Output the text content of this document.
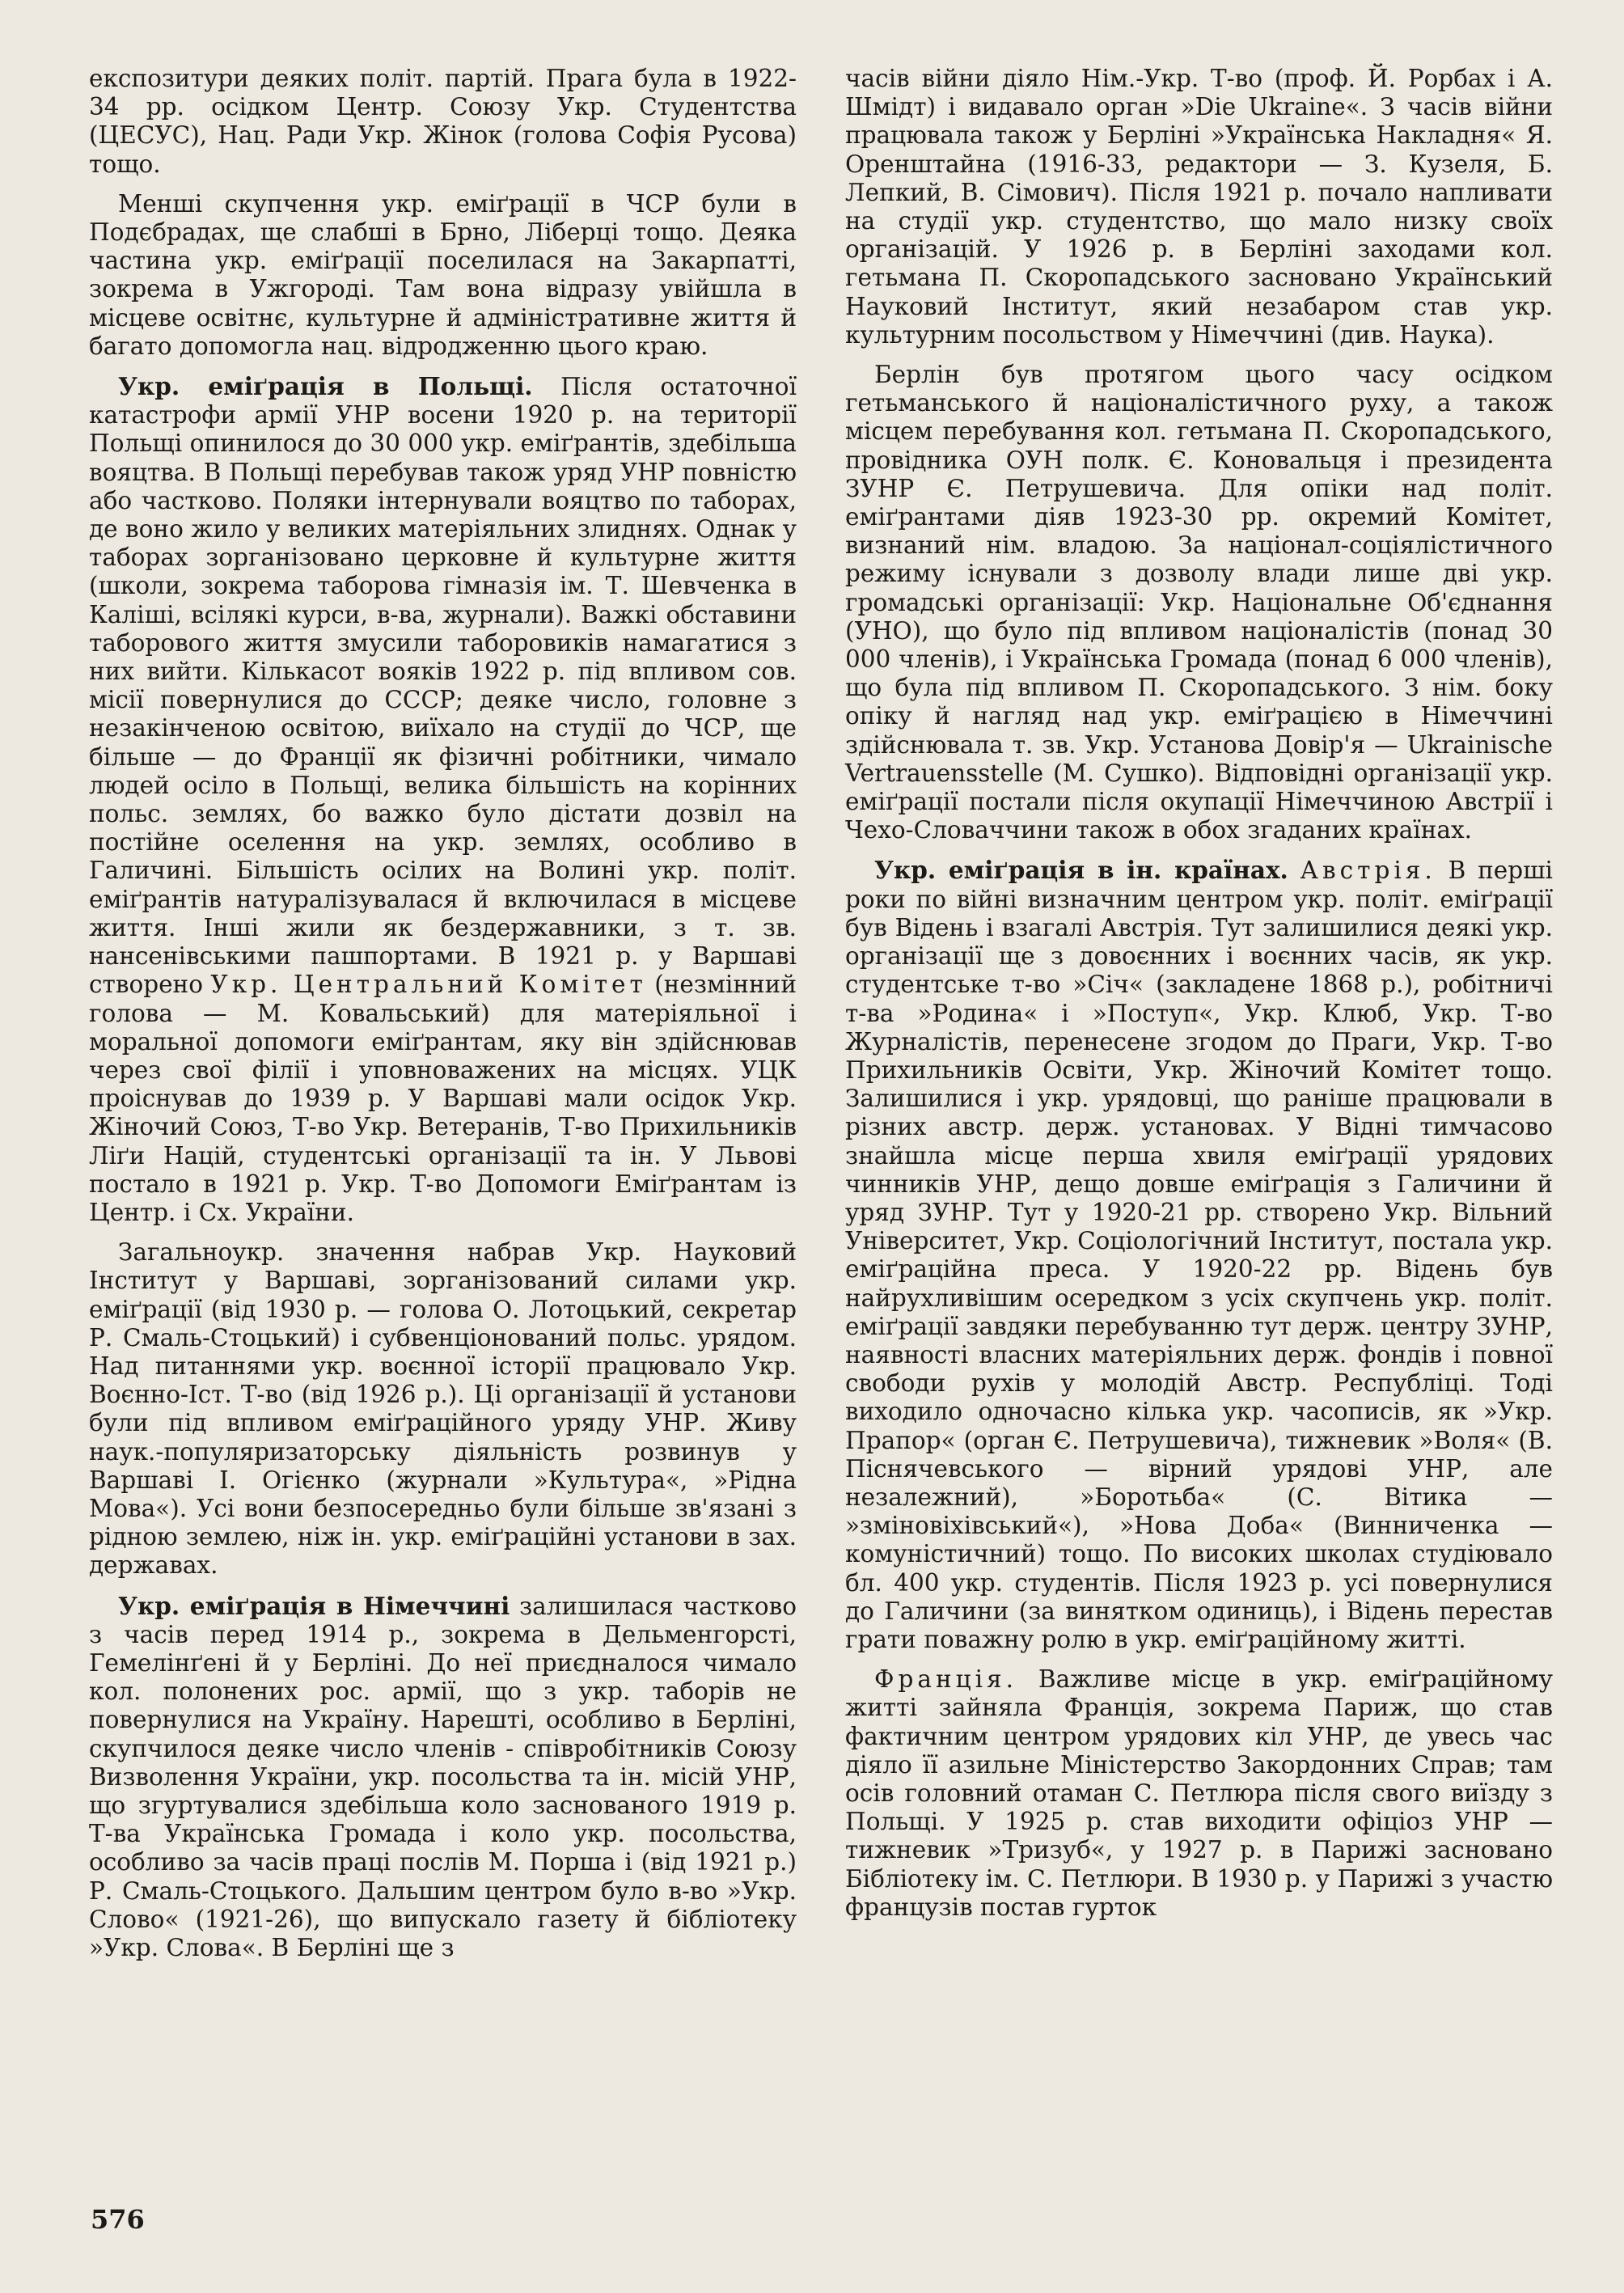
експозитури деяких політ. партій. Прага була в 1922-34 рр. осідком Центр. Союзу Укр. Студентства (ЦЕСУС), Нац. Ради Укр. Жінок (голова Софія Русова) тощо.

Менші скупчення укр. еміґрації в ЧСР були в Подєбрадах, ще слабші в Брно, Ліберці тощо. Деяка частина укр. еміґрації поселилася на Закарпатті, зокрема в Ужгороді. Там вона відразу увійшла в місцеве освітнє, культурне й адміністративне життя й багато допомогла нац. відродженню цього краю.

Укр. еміґрація в Польщі. Після остаточної катастрофи армії УНР восени 1920 р. на території Польщі опинилося до 30 000 укр. еміґрантів, здебільша вояцтва. В Польщі перебував також уряд УНР повністю або частково. Поляки інтернували вояцтво по таборах, де воно жило у великих матеріяльних злиднях. Однак у таборах зорганізовано церковне й культурне життя (школи, зокрема таборова гімназія ім. Т. Шевченка в Каліші, всілякі курси, в-ва, журнали). Важкі обставини таборового життя змусили таборовиків намагатися з них вийти. Кількасот вояків 1922 р. під впливом сов. місії повернулися до СССР; деяке число, головне з незакінченою освітою, виїхало на студії до ЧСР, ще більше — до Франції як фізичні робітники, чимало людей осіло в Польщі, велика більшість на корінних польс. землях, бо важко було дістати дозвіл на постійне оселення на укр. землях, особливо в Галичині. Більшість осілих на Волині укр. політ. еміґрантів натуралізувалася й включилася в місцеве життя. Інші жили як бездержавники, з т. зв. нансенівськими пашпортами. В 1921 р. у Варшаві створено Укр. Центральний Комітет (незмінний голова — М. Ковальський) для матеріяльної і моральної допомоги еміґрантам, яку він здійснював через свої філії і уповноважених на місцях. УЦК проіснував до 1939 р. У Варшаві мали осідок Укр. Жіночий Союз, Т-во Укр. Ветеранів, Т-во Прихильників Ліґи Націй, студентські організації та ін. У Львові постало в 1921 р. Укр. Т-во Допомоги Еміґрантам із Центр. і Сх. України.

Загальноукр. значення набрав Укр. Науковий Інститут у Варшаві, зорганізований силами укр. еміґрації (від 1930 р. — голова О. Лотоцький, секретар Р. Смаль-Стоцький) і субвенціонований польс. урядом. Над питаннями укр. воєнної історії працювало Укр. Воєнно-Іст. Т-во (від 1926 р.). Ці організації й установи були під впливом еміґраційного уряду УНР. Живу наук.-популяризаторську діяльність розвинув у Варшаві І. Огієнко (журнали »Культура«, »Рідна Мова«). Усі вони безпосередньо були більше зв'язані з рідною землею, ніж ін. укр. еміґраційні установи в зах. державах.

Укр. еміґрація в Німеччині залишилася частково з часів перед 1914 р., зокрема в Дельменгорсті, Гемелінґені й у Берліні. До неї приєдналося чимало кол. полонених рос. армії, що з укр. таборів не повернулися на Україну. Нарешті, особливо в Берліні, скупчилося деяке число членів - співробітників Союзу Визволення України, укр. посольства та ін. місій УНР, що згуртувалися здебільша коло заснованого 1919 р. Т-ва Українська Громада і коло укр. посольства, особливо за часів праці послів М. Порша і (від 1921 р.) Р. Смаль-Стоцького. Дальшим центром було в-во »Укр. Слово« (1921-26), що випускало газету й бібліотеку »Укр. Слова«. В Берліні ще з

часів війни діяло Нім.-Укр. Т-во (проф. Й. Рорбах і А. Шмідт) і видавало орган »Die Ukraine«. З часів війни працювала також у Берліні »Українська Накладня« Я. Оренштайна (1916-33, редактори — З. Кузеля, Б. Лепкий, В. Сімович). Після 1921 р. почало напливати на студії укр. студентство, що мало низку своїх організацій. У 1926 р. в Берліні заходами кол. гетьмана П. Скоропадського засновано Український Науковий Інститут, який незабаром став укр. культурним посольством у Німеччині (див. Наука).

Берлін був протягом цього часу осідком гетьманського й націоналістичного руху, а також місцем перебування кол. гетьмана П. Скоропадського, провідника ОУН полк. Є. Коновальця і президента ЗУНР Є. Петрушевича. Для опіки над політ. еміґрантами діяв 1923-30 рр. окремий Комітет, визнаний нім. владою. За націонал-соціялістичного режиму існували з дозволу влади лише дві укр. громадські організації: Укр. Національне Об'єднання (УНО), що було під впливом націоналістів (понад 30 000 членів), і Українська Громада (понад 6 000 членів), що була під впливом П. Скоропадського. З нім. боку опіку й нагляд над укр. еміґрацією в Німеччині здійснювала т. зв. Укр. Установа Довір'я — Ukrainische Vertrauensstelle (М. Сушко). Відповідні організації укр. еміґрації постали після окупації Німеччиною Австрії і Чехо-Словаччини також в обох згаданих країнах.

Укр. еміґрація в ін. країнах. Австрія. В перші роки по війні визначним центром укр. політ. еміґрації був Відень і взагалі Австрія. Тут залишилися деякі укр. організації ще з довоєнних і воєнних часів, як укр. студентське т-во »Січ« (закладене 1868 р.), робітничі т-ва »Родина« і »Поступ«, Укр. Клюб, Укр. Т-во Журналістів, перенесене згодом до Праги, Укр. Т-во Прихильників Освіти, Укр. Жіночий Комітет тощо. Залишилися і укр. урядовці, що раніше працювали в різних австр. держ. установах. У Відні тимчасово знайшла місце перша хвиля еміґрації урядових чинників УНР, дещо довше еміґрація з Галичини й уряд ЗУНР. Тут у 1920-21 рр. створено Укр. Вільний Університет, Укр. Соціологічний Інститут, постала укр. еміґраційна преса. У 1920-22 рр. Відень був найрухливішим осередком з усіх скупчень укр. політ. еміґрації завдяки перебуванню тут держ. центру ЗУНР, наявності власних матеріяльних держ. фондів і повної свободи рухів у молодій Австр. Республіці. Тоді виходило одночасно кілька укр. часописів, як »Укр. Прапор« (орган Є. Петрушевича), тижневик »Воля« (В. Піснячевського — вірний урядові УНР, але незалежний), »Боротьба« (С. Вітика — »змінoвіхівський«), »Нова Доба« (Винниченка — комуністичний) тощо. По високих школах студіювало бл. 400 укр. студентів. Після 1923 р. усі повернулися до Галичини (за винятком одиниць), і Відень перестав грати поважну ролю в укр. еміґраційному житті.

Франція. Важливе місце в укр. еміґраційному житті зайняла Франція, зокрема Париж, що став фактичним центром урядових кіл УНР, де увесь час діяло її азильне Міністерство Закордонних Справ; там осів головний отаман С. Петлюра після свого виїзду з Польщі. У 1925 р. став виходити офіціоз УНР — тижневик »Тризуб«, у 1927 р. в Парижі засновано Бібліотеку ім. С. Петлюри. В 1930 р. у Парижі з участю французів постав гурток

576
